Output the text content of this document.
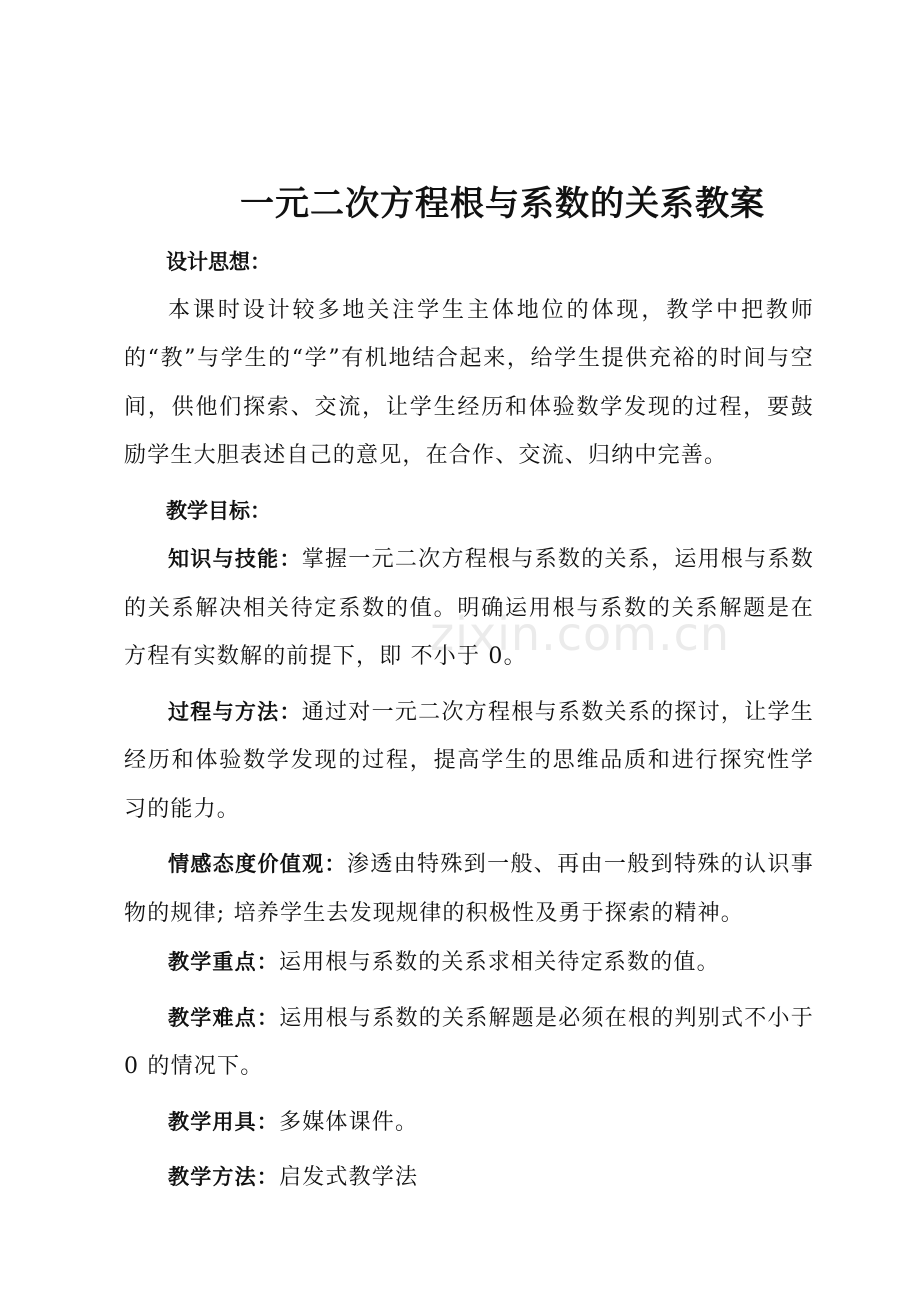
zixin.com.cn
一元二次方程根与系数的关系教案

设计思想：

本课时设计较多地关注学生主体地位的体现，教学中把教师的“教”与学生的“学”有机地结合起来，给学生提供充裕的时间与空间，供他们探索、交流，让学生经历和体验数学发现的过程，要鼓励学生大胆表述自己的意见，在合作、交流、归纳中完善。

教学目标：

知识与技能：掌握一元二次方程根与系数的关系，运用根与系数的关系解决相关待定系数的值。明确运用根与系数的关系解题是在方程有实数解的前提下，即 不小于 0。

过程与方法：通过对一元二次方程根与系数关系的探讨，让学生经历和体验数学发现的过程，提高学生的思维品质和进行探究性学习的能力。

情感态度价值观：渗透由特殊到一般、再由一般到特殊的认识事物的规律; 培养学生去发现规律的积极性及勇于探索的精神。

教学重点：运用根与系数的关系求相关待定系数的值。

教学难点：运用根与系数的关系解题是必须在根的判别式不小于 0 的情况下。

教学用具：多媒体课件。

教学方法：启发式教学法
